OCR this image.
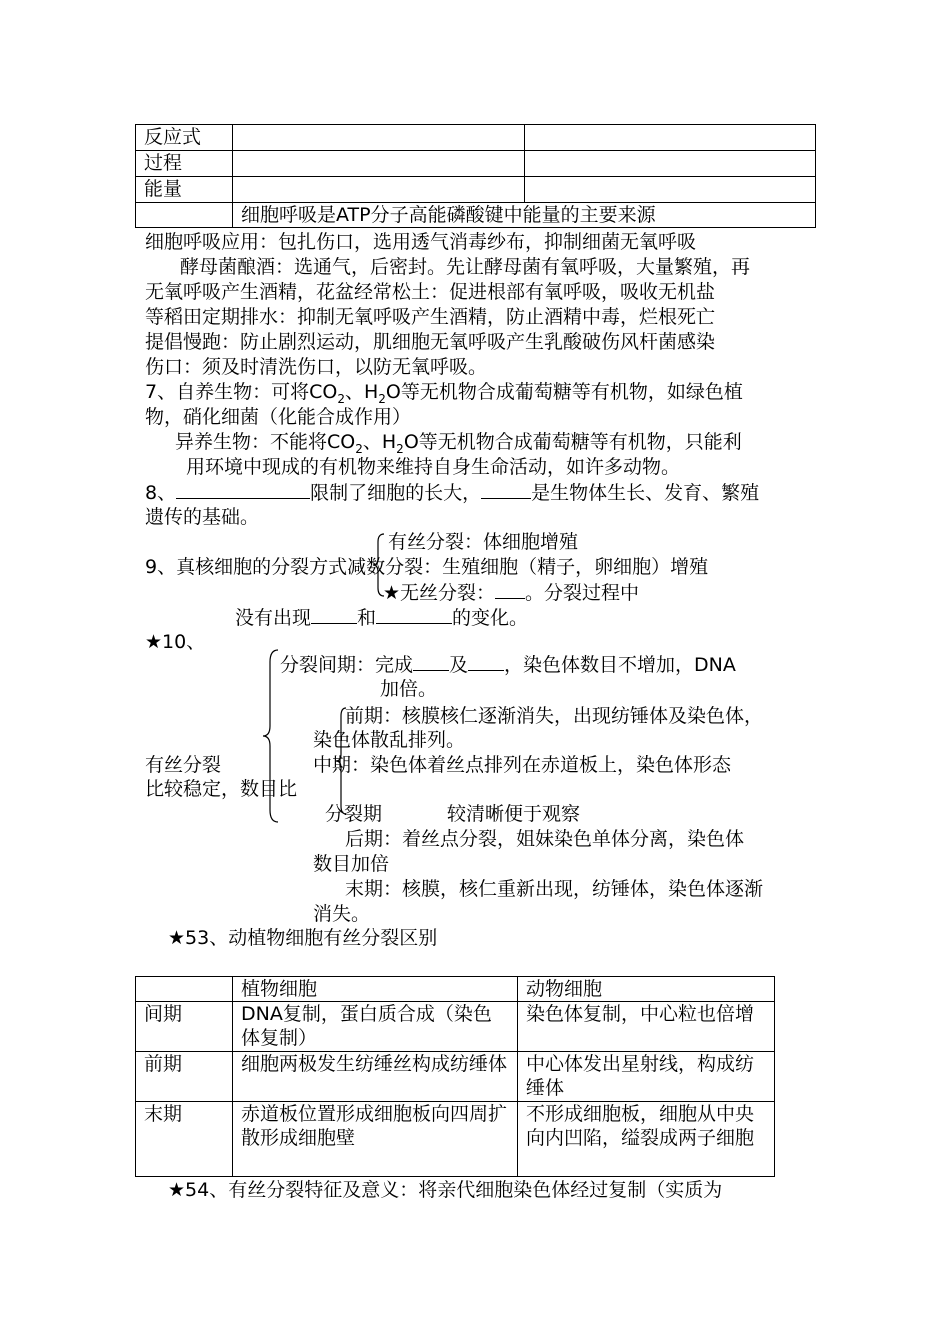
反应式		
过程		
能量		
	细胞呼吸是ATP分子高能磷酸键中能量的主要来源	
细胞呼吸应用：包扎伤口，选用透气消毒纱布，抑制细菌无氧呼吸
酵母菌酿酒：选通气，后密封。先让酵母菌有氧呼吸，大量繁殖，再
无氧呼吸产生酒精，花盆经常松土：促进根部有氧呼吸，吸收无机盐
等稻田定期排水：抑制无氧呼吸产生酒精，防止酒精中毒，烂根死亡
提倡慢跑：防止剧烈运动，肌细胞无氧呼吸产生乳酸破伤风杆菌感染
伤口：须及时清洗伤口，以防无氧呼吸。
7、自养生物：可将$CO_2$、$H_2O$等无机物合成葡萄糖等有机物，如绿色植
物，硝化细菌（化能合成作用）
异养生物：不能将$CO_2$、$H_2O$等无机物合成葡萄糖等有机物，只能利
用环境中现成的有机物来维持自身生命活动，如许多动物。
8、	限制了细胞的长大，	是生物体生长、发育、繁殖
遗传的基础。
有丝分裂：体细胞增殖
9、真核细胞的分裂方式减数分裂：生殖细胞（精子，卵细胞）增殖
★无丝分裂： 。分裂过程中
没有出现 和	的变化。
★10、
分裂间期：完成 及 ，染色体数目不增加，DNA
加倍。
前期：核膜核仁逐渐消失，出现纺锤体及染色体，
染色体散乱排列。
有丝分裂	中期：染色体着丝点排列在赤道板上，染色体形态
比较稳定，数目比
分裂期	较清晰便于观察
后期：着丝点分裂，姐妹染色单体分离，染色体
数目加倍
末期：核膜，核仁重新出现，纺锤体，染色体逐渐
消失。
★53、动植物细胞有丝分裂区别
	植物细胞	动物细胞
间期	DNA复制，蛋白质合成（染色体复制）	染色体复制，中心粒也倍增
前期	细胞两极发生纺缍丝构成纺缍体	中心体发出星射线，构成纺缍体
末期	赤道板位置形成细胞板向四周扩散形成细胞壁	不形成细胞板，细胞从中央向内凹陷，缢裂成两子细胞
★54、有丝分裂特征及意义：将亲代细胞染色体经过复制（实质为
